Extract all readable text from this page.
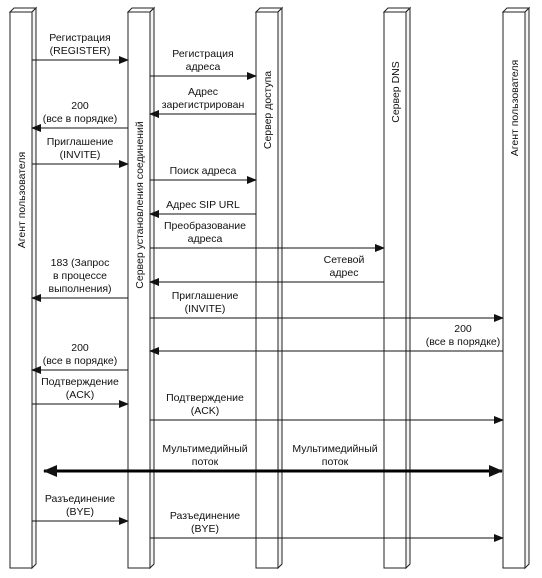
Агент пользователя	Сервер установления соединений
Сервер доступа	Сервер DNS	Агент пользователя
Регистрация
(REGISTER)	Регистрация
адреса
Адрес
зарегистрирован
200
(все в порядке)
Приглашение
(INVITE)
Поиск адреса
Адрес SIP URL
Преобразование
адреса
Сетевой
адрес
183 (Запрос
в процессе
выполнения)
Приглашение
(INVITE)
200
(все в порядке)
200
(все в порядке)
Подтверждение
(ACK)	Подтверждение
(ACK)
Мультимедийный
поток
Мультимедийный
поток
Разъединение
(BYE)	Разъединение
(BYE)
